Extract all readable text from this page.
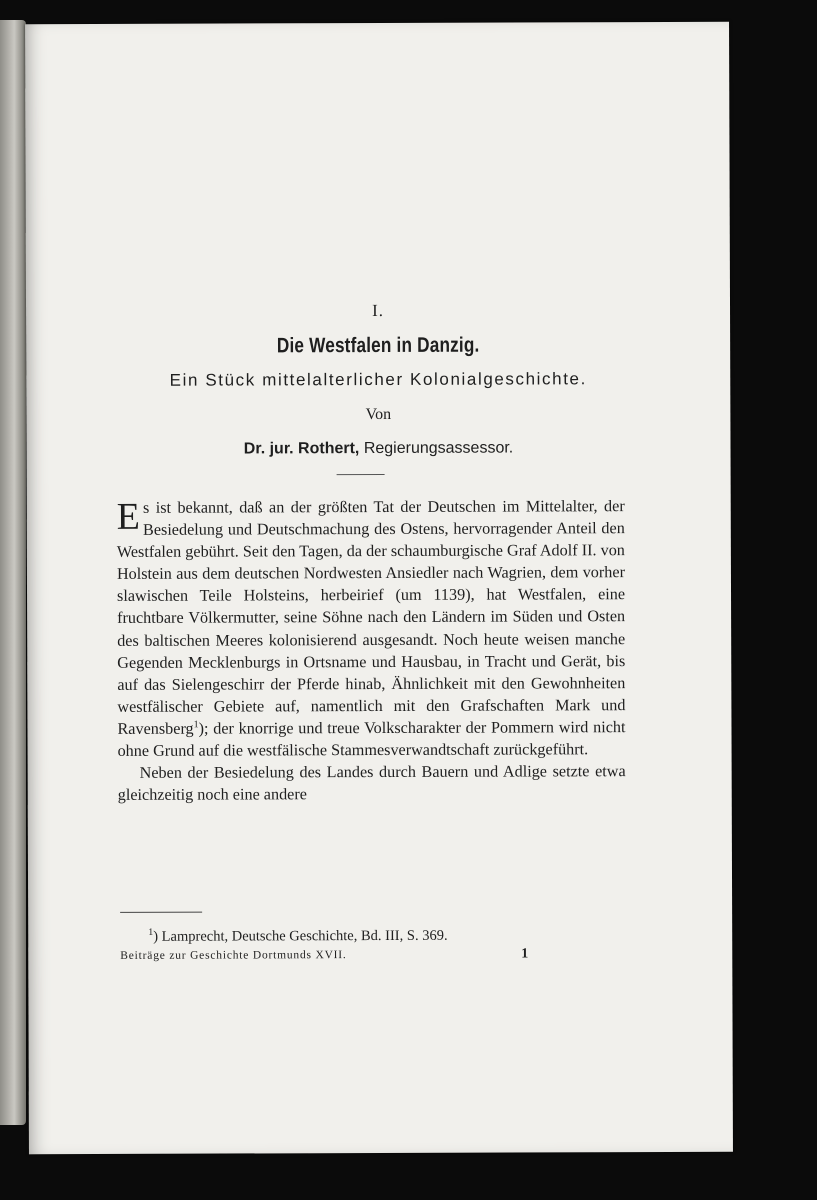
I.
Die Westfalen in Danzig.
Ein Stück mittelalterlicher Kolonialgeschichte.
Von
Dr. jur. Rothert, Regierungsassessor.

Es ist bekannt, daß an der größten Tat der Deutschen im Mittelalter, der Besiedelung und Deutschmachung des Ostens, hervorragender Anteil den Westfalen gebührt. Seit den Tagen, da der schaumburgische Graf Adolf II. von Holstein aus dem deutschen Nordwesten Ansiedler nach Wagrien, dem vorher slawischen Teile Holsteins, herbeirief (um 1139), hat Westfalen, eine fruchtbare Völkermutter, seine Söhne nach den Ländern im Süden und Osten des baltischen Meeres kolonisierend ausgesandt. Noch heute weisen manche Gegenden Mecklenburgs in Ortsname und Hausbau, in Tracht und Gerät, bis auf das Sielengeschirr der Pferde hinab, Ähnlichkeit mit den Gewohnheiten westfälischer Gebiete auf, namentlich mit den Grafschaften Mark und Ravensberg$^1$); der knorrige und treue Volkscharakter der Pommern wird nicht ohne Grund auf die westfälische Stammesverwandtschaft zurückgeführt.

Neben der Besiedelung des Landes durch Bauern und Adlige setzte etwa gleichzeitig noch eine andere

$^1$) Lamprecht, Deutsche Geschichte, Bd. III, S. 369.
Beiträge zur Geschichte Dortmunds XVII.	1
